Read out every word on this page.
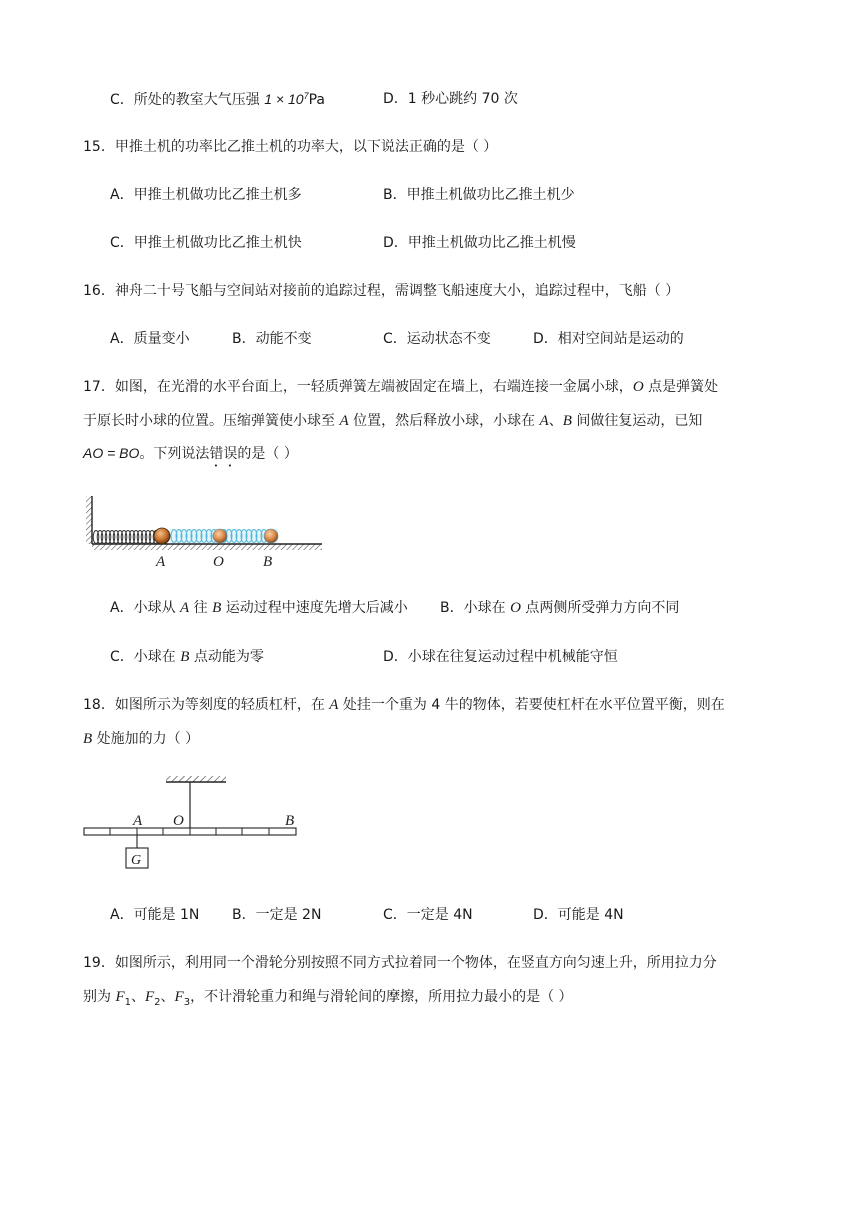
C．所处的教室大气压强 $1 \times 10^7Pa$	D．1 秒心跳约 70 次
15．甲推土机的功率比乙推土机的功率大，以下说法正确的是（ ）
A．甲推土机做功比乙推土机多	B．甲推土机做功比乙推土机少
C．甲推土机做功比乙推土机快	D．甲推土机做功比乙推土机慢
16．神舟二十号飞船与空间站对接前的追踪过程，需调整飞船速度大小，追踪过程中，飞船（ ）
A．质量变小	B．动能不变	C．运动状态不变	D．相对空间站是运动的
17．如图，在光滑的水平台面上，一轻质弹簧左端被固定在墙上，右端连接一金属小球，O 点是弹簧处
于原长时小球的位置。压缩弹簧使小球至 A 位置，然后释放小球，小球在 A、B 间做往复运动，已知
AO = BO。下列说法错误的是（ ）
A	O	B
A．小球从 A 往 B 运动过程中速度先增大后减小 B．小球在 O 点两侧所受弹力方向不同
C．小球在 B 点动能为零	D．小球在往复运动过程中机械能守恒
18．如图所示为等刻度的轻质杠杆，在 A 处挂一个重为 4 牛的物体，若要使杠杆在水平位置平衡，则在
B 处施加的力（ ）
G
A O	B
A．可能是 1N B．一定是 2N	C．一定是 4N	D．可能是 4N
19．如图所示，利用同一个滑轮分别按照不同方式拉着同一个物体，在竖直方向匀速上升，所用拉力分
别为 $F_1$、$F_2$、$F_3$，不计滑轮重力和绳与滑轮间的摩擦，所用拉力最小的是（ ）
